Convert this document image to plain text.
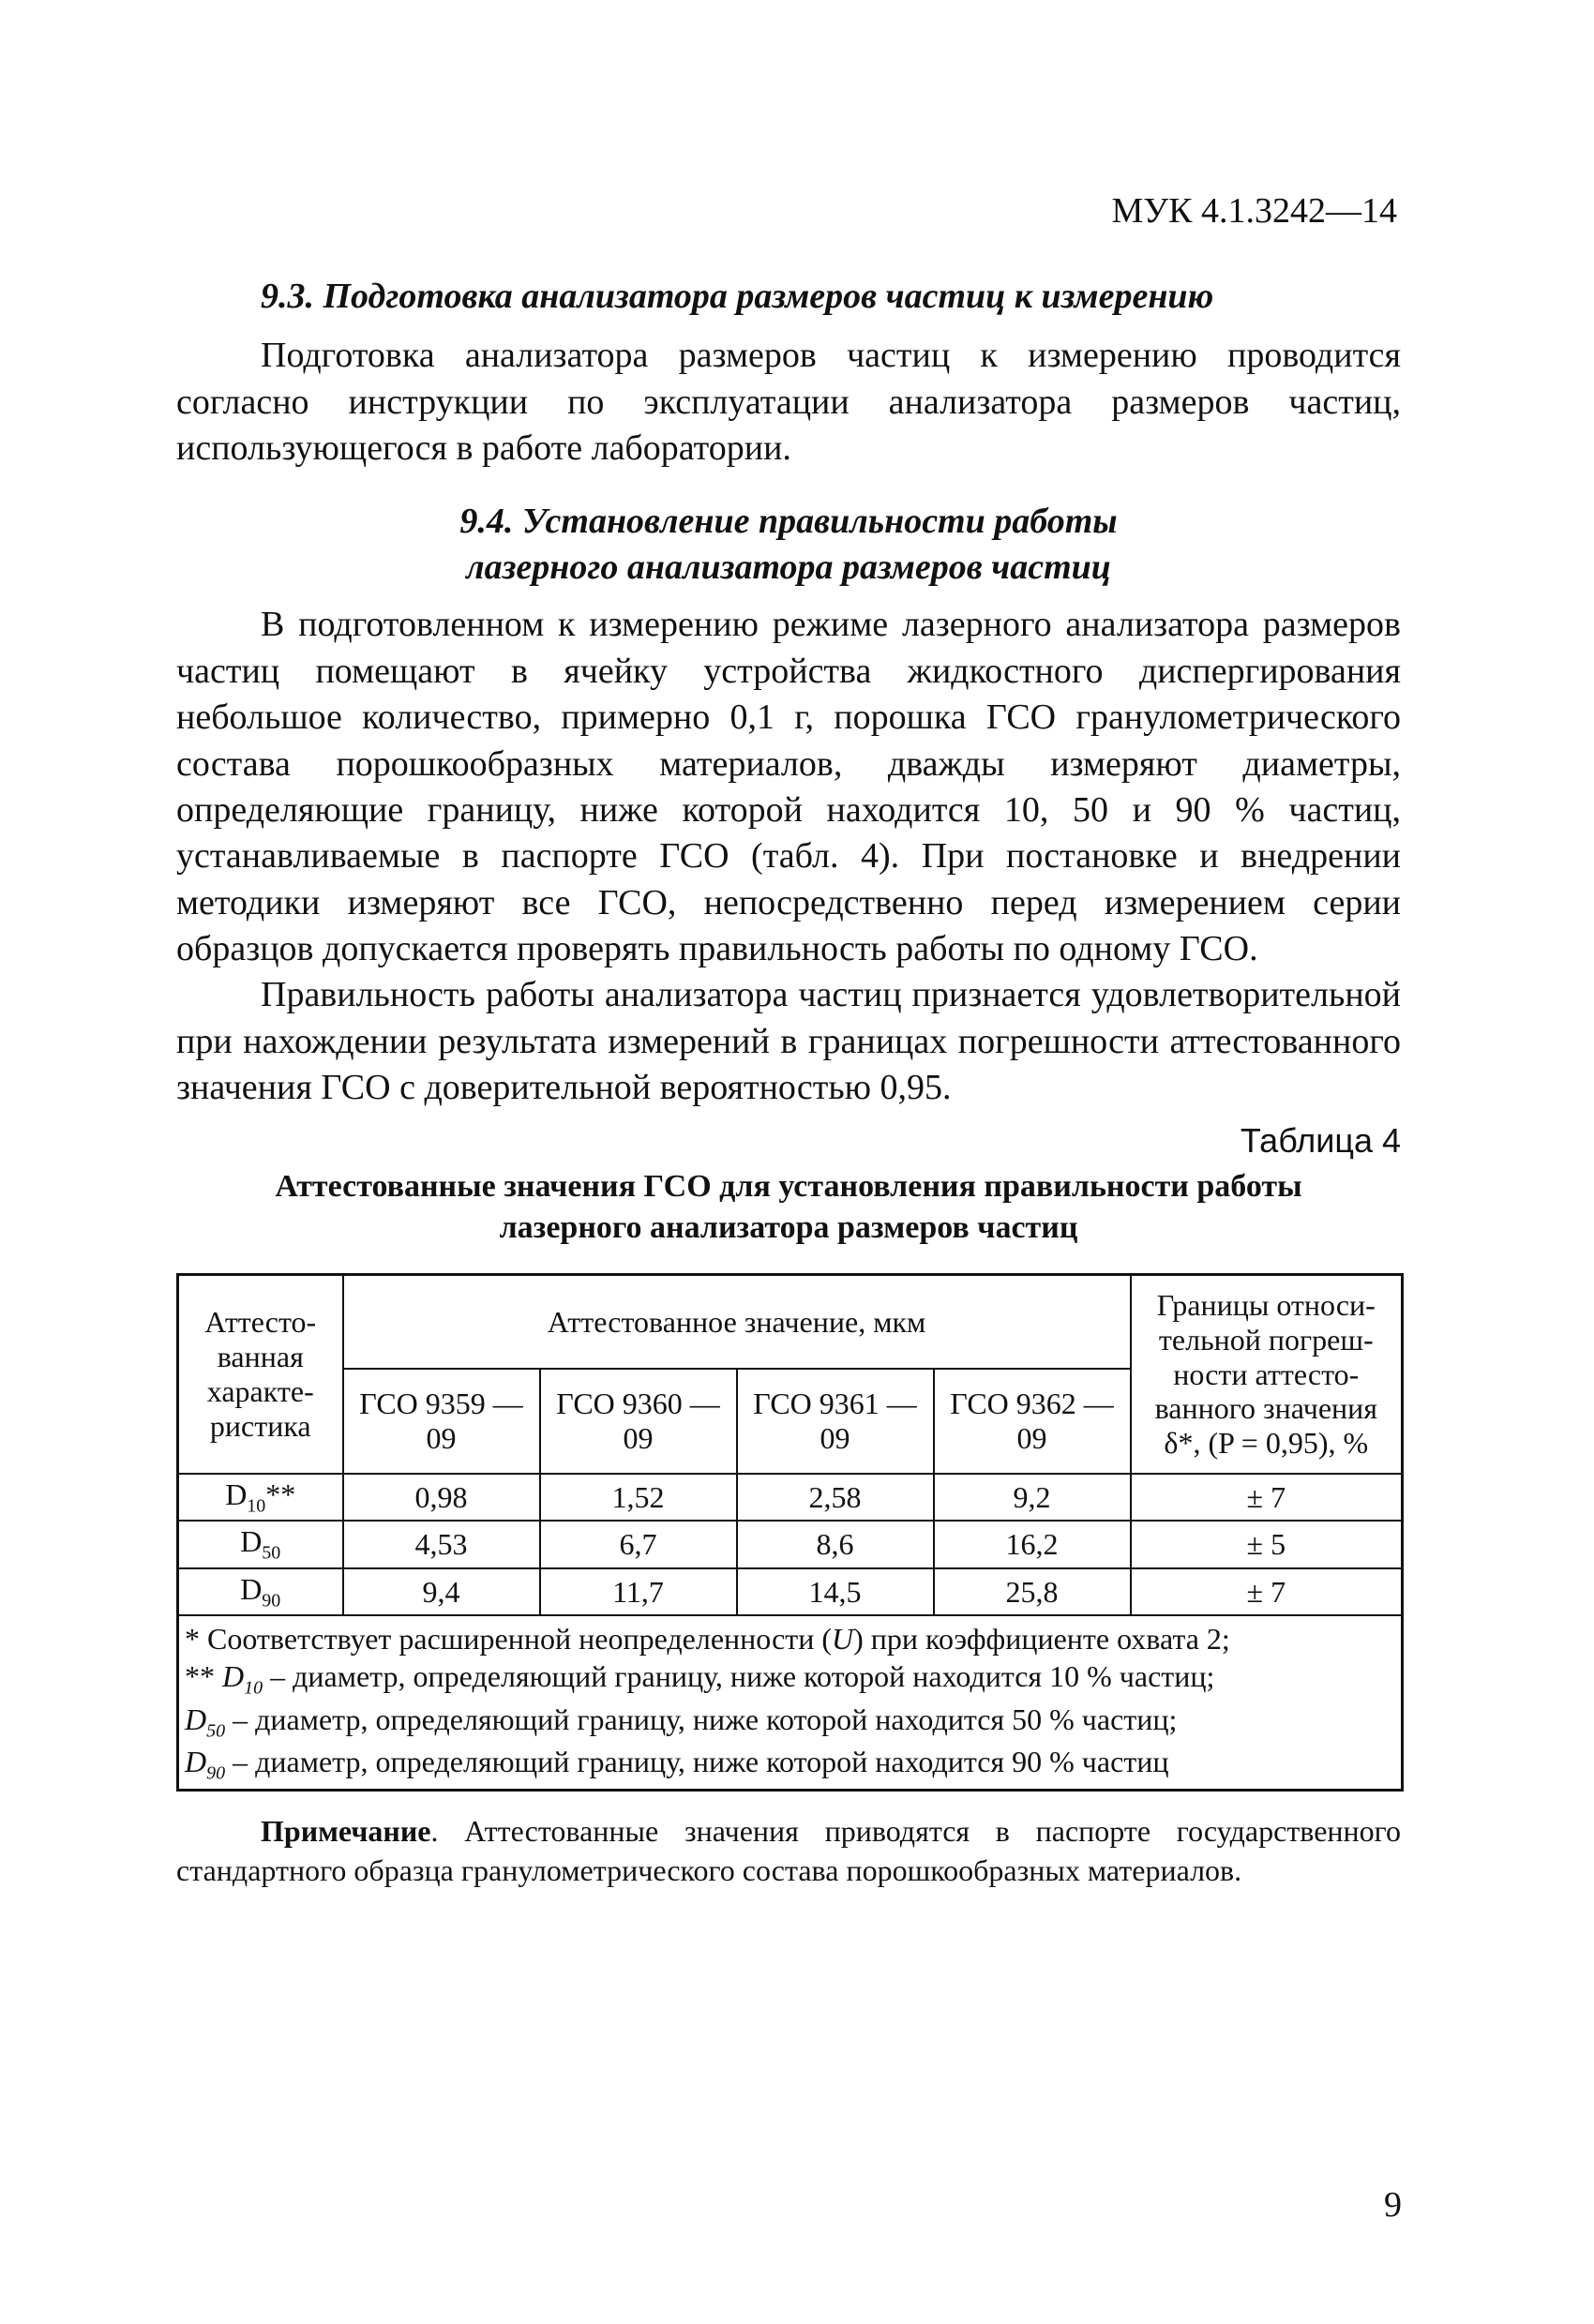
МУК 4.1.3242—14
9.3. Подготовка анализатора размеров частиц к измерению

Подготовка анализатора размеров частиц к измерению проводится согласно инструкции по эксплуатации анализатора размеров частиц, использующегося в работе лаборатории.

9.4. Установление правильности работы
лазерного анализатора размеров частиц

В подготовленном к измерению режиме лазерного анализатора размеров частиц помещают в ячейку устройства жидкостного диспергирования небольшое количество, примерно 0,1 г, порошка ГСО гранулометрического состава порошкообразных материалов, дважды измеряют диаметры, определяющие границу, ниже которой находится 10, 50 и 90 % частиц, устанавливаемые в паспорте ГСО (табл. 4). При постановке и внедрении методики измеряют все ГСО, непосредственно перед измерением серии образцов допускается проверять правильность работы по одному ГСО.

Правильность работы анализатора частиц признается удовлетворительной при нахождении результата измерений в границах погрешности аттестованного значения ГСО с доверительной вероятностью 0,95.

Таблица 4
Аттестованные значения ГСО для установления правильности работы
лазерного анализатора размеров частиц
Аттесто-ванная характе-ристика	Аттестованное значение, мкм				Границы относи-тельной погреш-ности аттесто-ванного значения δ*, (P = 0,95), %
	ГСО 9359 —09	ГСО 9360 —09	ГСО 9361 —09	ГСО 9362 —09	
$D_{10}**$	0,98	1,52	2,58	9,2	± 7
$D_{50}$	4,53	6,7	8,6	16,2	± 5
$D_{90}$	9,4	11,7	14,5	25,8	± 7

* Соответствует расширенной неопределенности (U) при коэффициенте охвата 2;
** $D_{10}$ – диаметр, определяющий границу, ниже которой находится 10 % частиц;
$D_{50}$ – диаметр, определяющий границу, ниже которой находится 50 % частиц;
$D_{90}$ – диаметр, определяющий границу, ниже которой находится 90 % частиц					

Примечание. Аттестованные значения приводятся в паспорте государственного стандартного образца гранулометрического состава порошкообразных материалов.

9
